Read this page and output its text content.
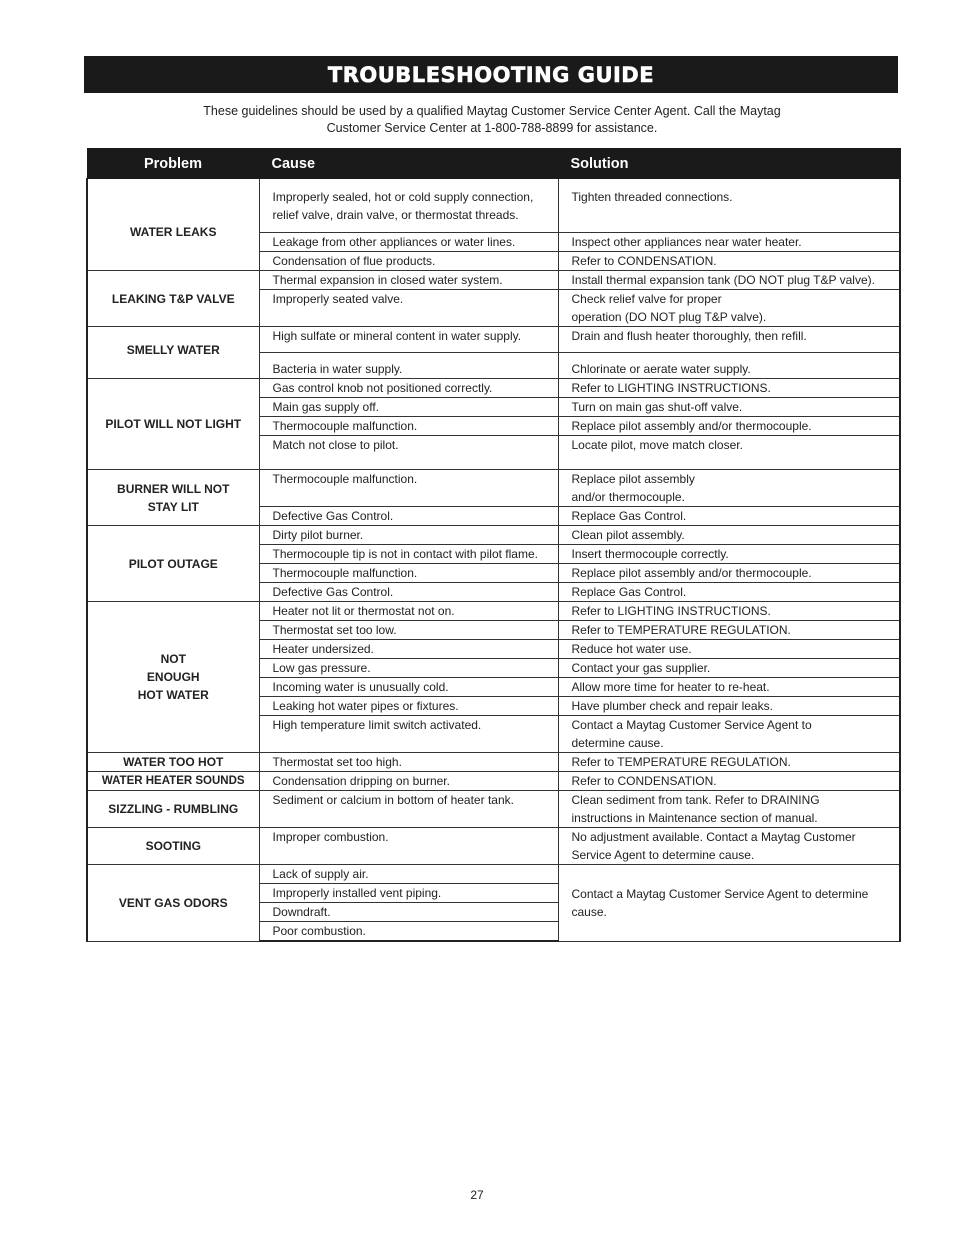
TROUBLESHOOTING GUIDE
These guidelines should be used by a qualified Maytag Customer Service Center Agent. Call the Maytag
Customer Service Center at 1-800-788-8899 for assistance.
Problem	Cause	Solution
WATER LEAKS	Improperly sealed, hot or cold supply connection, relief valve, drain valve, or thermostat threads.	Tighten threaded connections.
	Leakage from other appliances or water lines.	Inspect other appliances near water heater.
	Condensation of flue products.	Refer to CONDENSATION.
LEAKING T&P VALVE	Thermal expansion in closed water system.	Install thermal expansion tank (DO NOT plug T&P valve).
	Improperly seated valve.	Check relief valve for proper operation (DO NOT plug T&P valve).
SMELLY WATER	High sulfate or mineral content in water supply.	Drain and flush heater thoroughly, then refill.
	Bacteria in water supply.	Chlorinate or aerate water supply.
PILOT WILL NOT LIGHT	Gas control knob not positioned correctly.	Refer to LIGHTING INSTRUCTIONS.
	Main gas supply off.	Turn on main gas shut-off valve.
	Thermocouple malfunction.	Replace pilot assembly and/or thermocouple.
	Match not close to pilot.	Locate pilot, move match closer.
BURNER WILL NOT STAY LIT	Thermocouple malfunction.	Replace pilot assembly and/or thermocouple.
	Defective Gas Control.	Replace Gas Control.
PILOT OUTAGE	Dirty pilot burner.	Clean pilot assembly.
	Thermocouple tip is not in contact with pilot flame.	Insert thermocouple correctly.
	Thermocouple malfunction.	Replace pilot assembly and/or thermocouple.
	Defective Gas Control.	Replace Gas Control.
NOT ENOUGH HOT WATER	Heater not lit or thermostat not on.	Refer to LIGHTING INSTRUCTIONS.
	Thermostat set too low.	Refer to TEMPERATURE REGULATION.
	Heater undersized.	Reduce hot water use.
	Low gas pressure.	Contact your gas supplier.
	Incoming water is unusually cold.	Allow more time for heater to re-heat.
	Leaking hot water pipes or fixtures.	Have plumber check and repair leaks.
	High temperature limit switch activated.	Contact a Maytag Customer Service Agent to determine cause.
WATER TOO HOT	Thermostat set too high.	Refer to TEMPERATURE REGULATION.
WATER HEATER SOUNDS	Condensation dripping on burner.	Refer to CONDENSATION.
SIZZLING - RUMBLING	Sediment or calcium in bottom of heater tank.	Clean sediment from tank. Refer to DRAINING instructions in Maintenance section of manual.
SOOTING	Improper combustion.	No adjustment available. Contact a Maytag Customer Service Agent to determine cause.
VENT GAS ODORS	Lack of supply air.	Contact a Maytag Customer Service Agent to determine cause.
	Improperly installed vent piping.	
	Downdraft.	
	Poor combustion.	
27
